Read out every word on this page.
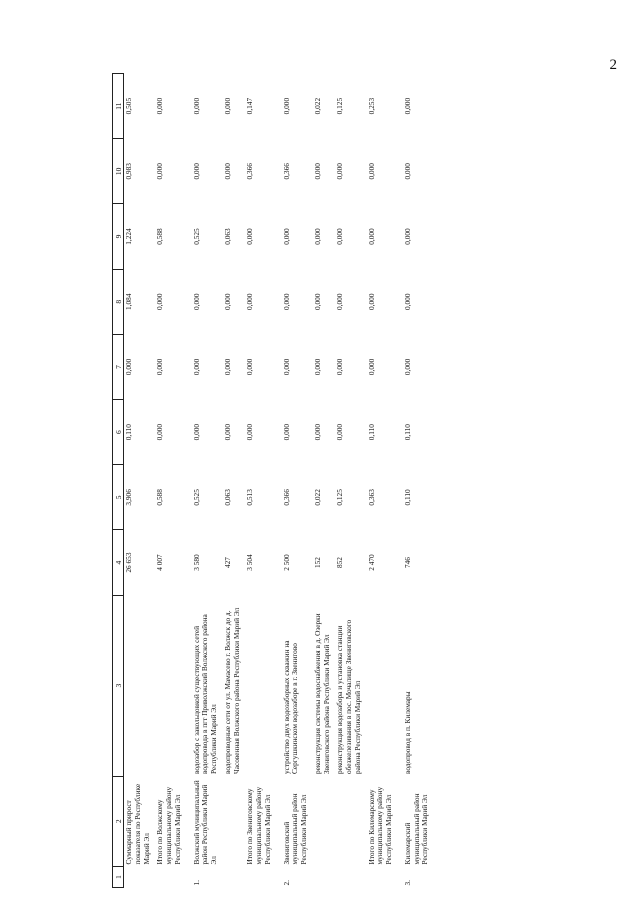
2
1	2	3	4	5	6	7	8	9	10	11
	Суммарный прирост показателя по Республике Марий Эл		26 653	3,906	0,110	0,000	1,084	1,224	0,983	0,505
	Итого по Волжскому муниципальному району Республики Марий Эл		4 007	0,588	0,000	0,000	0,000	0,588	0,000	0,000
1.	Волжский муниципальный район Республики Марий Эл	водозабор с закольцовкой существующих сетей водопровода в пгт Приволжский Волжского района Республики Марий Эл	3 580	0,525	0,000	0,000	0,000	0,525	0,000	0,000
		водопроводные сети от ул. Мамасево г. Волжск до д. Часовенная Волжского района Республики Марий Эл	427	0,063	0,000	0,000	0,000	0,063	0,000	0,000
	Итого по Звениговскому муниципальному району Республики Марий Эл		3 504	0,513	0,000	0,000	0,000	0,000	0,366	0,147
2.	Звениговский муниципальный район Республики Марий Эл	устройство двух водозаборных скважин на Сергушкинском водозаборе в г. Звенигово	2 500	0,366	0,000	0,000	0,000	0,000	0,366	0,000
		реконструкция системы водоснабжения в д. Озерки Звениговского района Республики Марий Эл	152	0,022	0,000	0,000	0,000	0,000	0,000	0,022
		реконструкция водозабора и установка станции обезжелезивания в пос. Мочалище Звениговского района Республики Марий Эл	852	0,125	0,000	0,000	0,000	0,000	0,000	0,125
	Итого по Килемарскому муниципальному району Республики Марий Эл		2 470	0,363	0,110	0,000	0,000	0,000	0,000	0,253
3.	Килемарский муниципальный район Республики Марий Эл	водопровод в п. Килемары	746	0,110	0,110	0,000	0,000	0,000	0,000	0,000
